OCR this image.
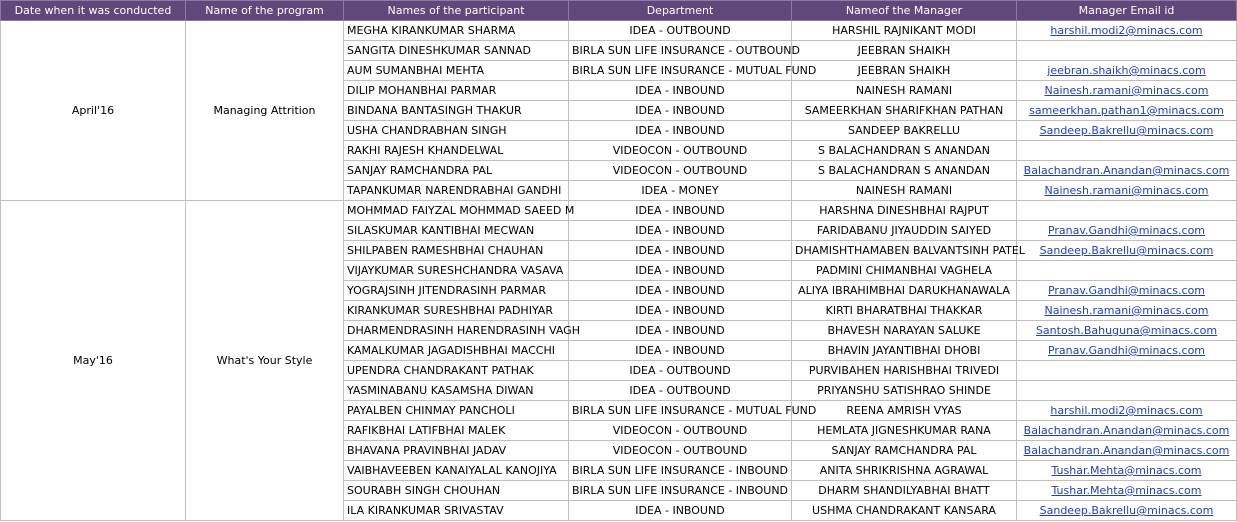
Date when it was conducted	Name of the program	Names of the participant	Department	Nameof the Manager	Manager Email id
April'16	Managing Attrition	MEGHA KIRANKUMAR SHARMA	IDEA - OUTBOUND	HARSHIL RAJNIKANT MODI	harshil.modi2@minacs.com
		SANGITA DINESHKUMAR SANNAD	BIRLA SUN LIFE INSURANCE - OUTBOUND	JEEBRAN SHAIKH	
		AUM SUMANBHAI MEHTA	BIRLA SUN LIFE INSURANCE - MUTUAL FUND	JEEBRAN SHAIKH	jeebran.shaikh@minacs.com
		DILIP MOHANBHAI PARMAR	IDEA - INBOUND	NAINESH RAMANI	Nainesh.ramani@minacs.com
		BINDANA BANTASINGH THAKUR	IDEA - INBOUND	SAMEERKHAN SHARIFKHAN PATHAN	sameerkhan.pathan1@minacs.com
		USHA CHANDRABHAN SINGH	IDEA - INBOUND	SANDEEP BAKRELLU	Sandeep.Bakrellu@minacs.com
		RAKHI RAJESH KHANDELWAL	VIDEOCON - OUTBOUND	S BALACHANDRAN S ANANDAN	
		SANJAY RAMCHANDRA PAL	VIDEOCON - OUTBOUND	S BALACHANDRAN S ANANDAN	Balachandran.Anandan@minacs.com
		TAPANKUMAR NARENDRABHAI GANDHI	IDEA - MONEY	NAINESH RAMANI	Nainesh.ramani@minacs.com
May'16	What's Your Style	MOHMMAD FAIYZAL MOHMMAD SAEED M	IDEA - INBOUND	HARSHNA DINESHBHAI RAJPUT	
		SILASKUMAR KANTIBHAI MECWAN	IDEA - INBOUND	FARIDABANU JIYAUDDIN SAIYED	Pranav.Gandhi@minacs.com
		SHILPABEN RAMESHBHAI CHAUHAN	IDEA - INBOUND	DHAMISHTHAMABEN BALVANTSINH PATEL	Sandeep.Bakrellu@minacs.com
		VIJAYKUMAR SURESHCHANDRA VASAVA	IDEA - INBOUND	PADMINI CHIMANBHAI VAGHELA	
		YOGRAJSINH JITENDRASINH PARMAR	IDEA - INBOUND	ALIYA IBRAHIMBHAI DARUKHANAWALA	Pranav.Gandhi@minacs.com
		KIRANKUMAR SURESHBHAI PADHIYAR	IDEA - INBOUND	KIRTI BHARATBHAI THAKKAR	Nainesh.ramani@minacs.com
		DHARMENDRASINH HARENDRASINH VAGH	IDEA - INBOUND	BHAVESH NARAYAN SALUKE	Santosh.Bahuguna@minacs.com
		KAMALKUMAR JAGADISHBHAI MACCHI	IDEA - INBOUND	BHAVIN JAYANTIBHAI DHOBI	Pranav.Gandhi@minacs.com
		UPENDRA CHANDRAKANT PATHAK	IDEA - OUTBOUND	PURVIBAHEN HARISHBHAI TRIVEDI	
		YASMINABANU KASAMSHA DIWAN	IDEA - OUTBOUND	PRIYANSHU SATISHRAO SHINDE	
		PAYALBEN CHINMAY PANCHOLI	BIRLA SUN LIFE INSURANCE - MUTUAL FUND	REENA AMRISH VYAS	harshil.modi2@minacs.com
		RAFIKBHAI LATIFBHAI MALEK	VIDEOCON - OUTBOUND	HEMLATA JIGNESHKUMAR RANA	Balachandran.Anandan@minacs.com
		BHAVANA PRAVINBHAI JADAV	VIDEOCON - OUTBOUND	SANJAY RAMCHANDRA PAL	Balachandran.Anandan@minacs.com
		VAIBHAVEEBEN KANAIYALAL KANOJIYA	BIRLA SUN LIFE INSURANCE - INBOUND	ANITA SHRIKRISHNA AGRAWAL	Tushar.Mehta@minacs.com
		SOURABH SINGH CHOUHAN	BIRLA SUN LIFE INSURANCE - INBOUND	DHARM SHANDILYABHAI BHATT	Tushar.Mehta@minacs.com
		ILA KIRANKUMAR SRIVASTAV	IDEA - INBOUND	USHMA CHANDRAKANT KANSARA	Sandeep.Bakrellu@minacs.com
